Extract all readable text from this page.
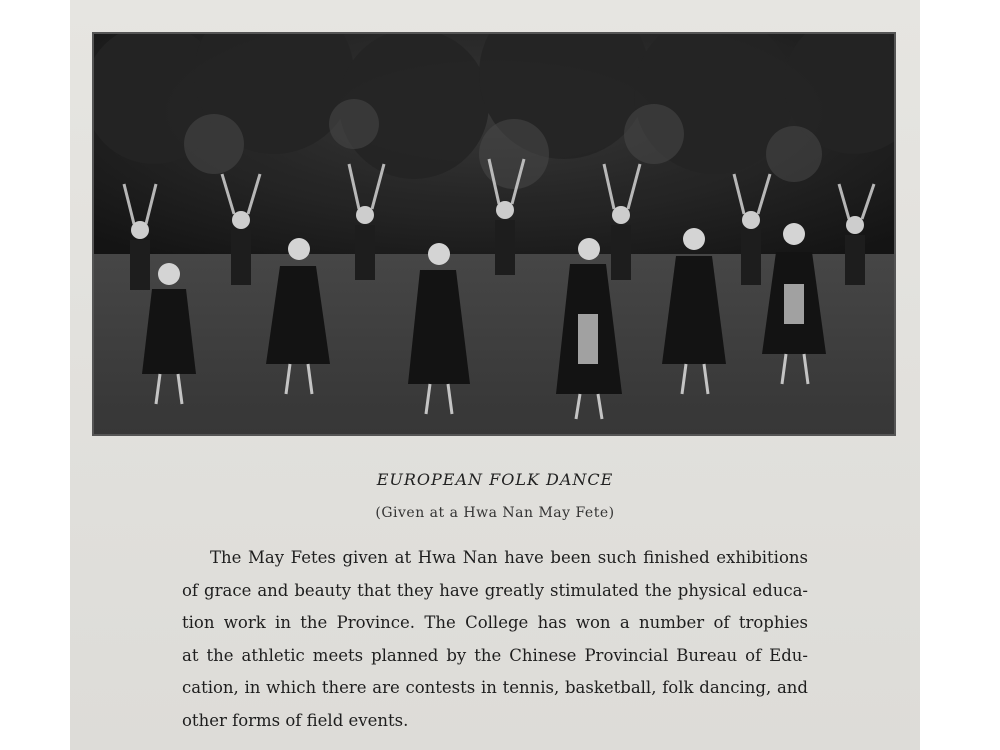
EUROPEAN FOLK DANCE
(Given at a Hwa Nan May Fete)
The May Fetes given at Hwa Nan have been such finished exhibitions
of grace and beauty that they have greatly stimulated the physical educa-
tion work in the Province. The College has won a number of trophies
at the athletic meets planned by the Chinese Provincial Bureau of Edu-
cation, in which there are contests in tennis, basketball, folk dancing, and
other forms of field events.
